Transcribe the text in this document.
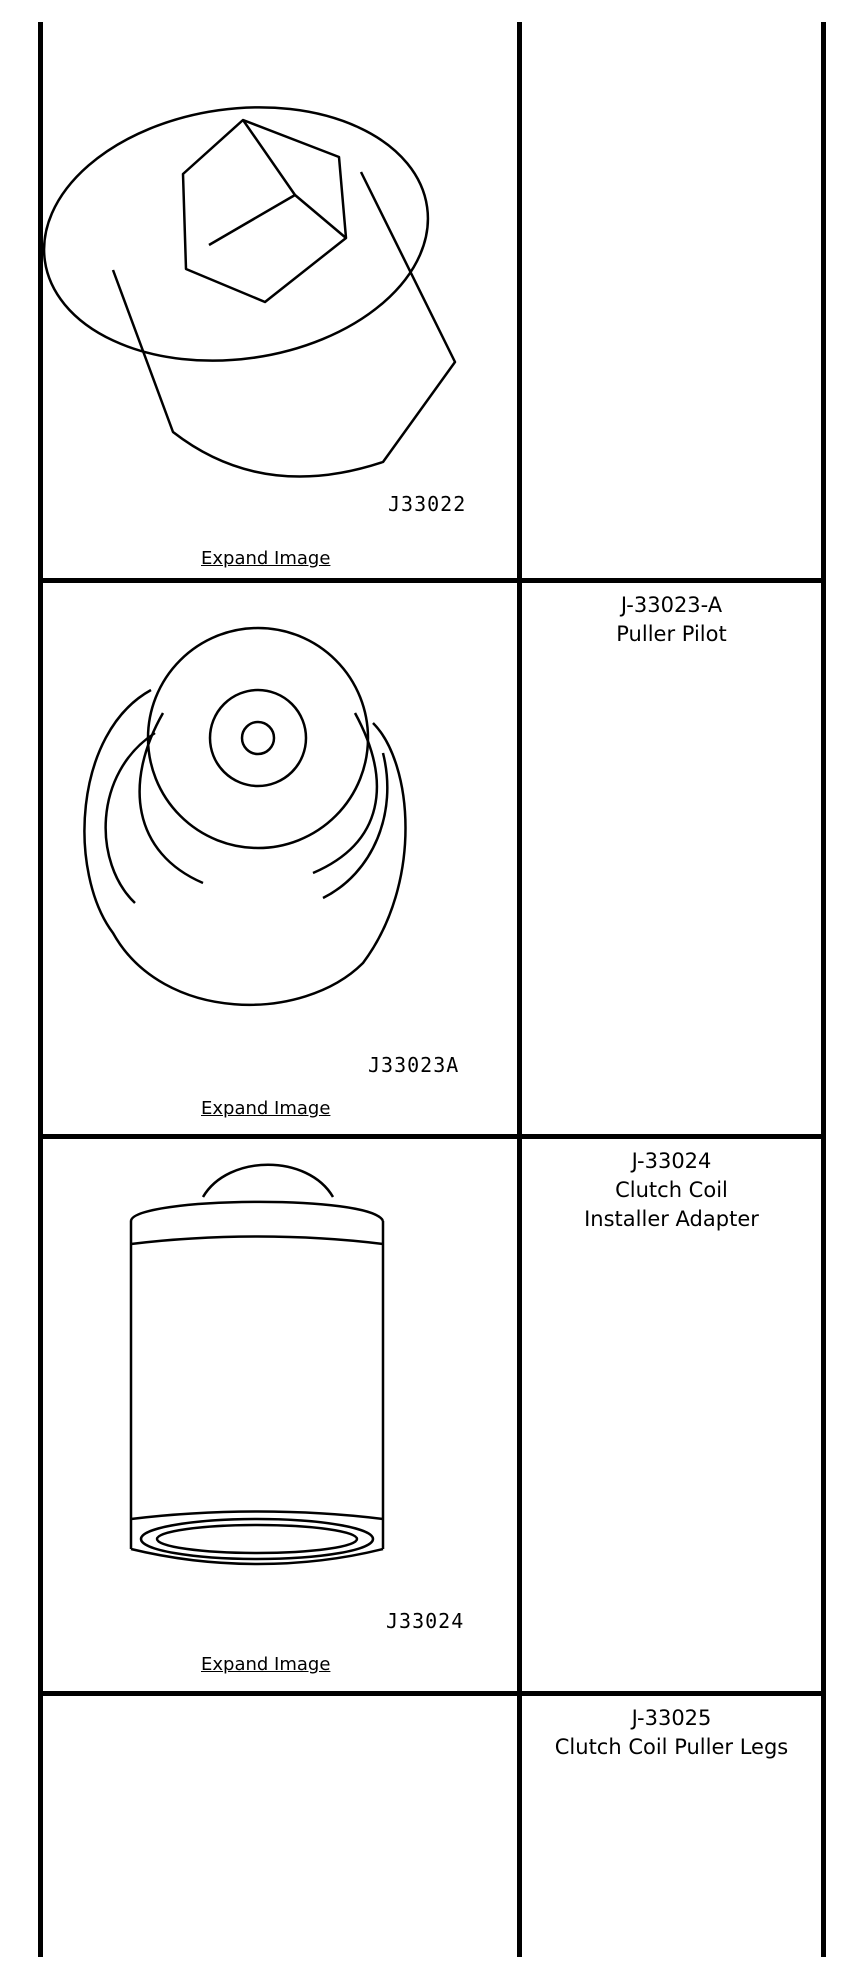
J33022
Expand Image
J33023A
Expand Image
J-33023-A
Puller Pilot
J33024
Expand Image
J-33024
Clutch Coil
Installer Adapter
J-33025
Clutch Coil Puller Legs
